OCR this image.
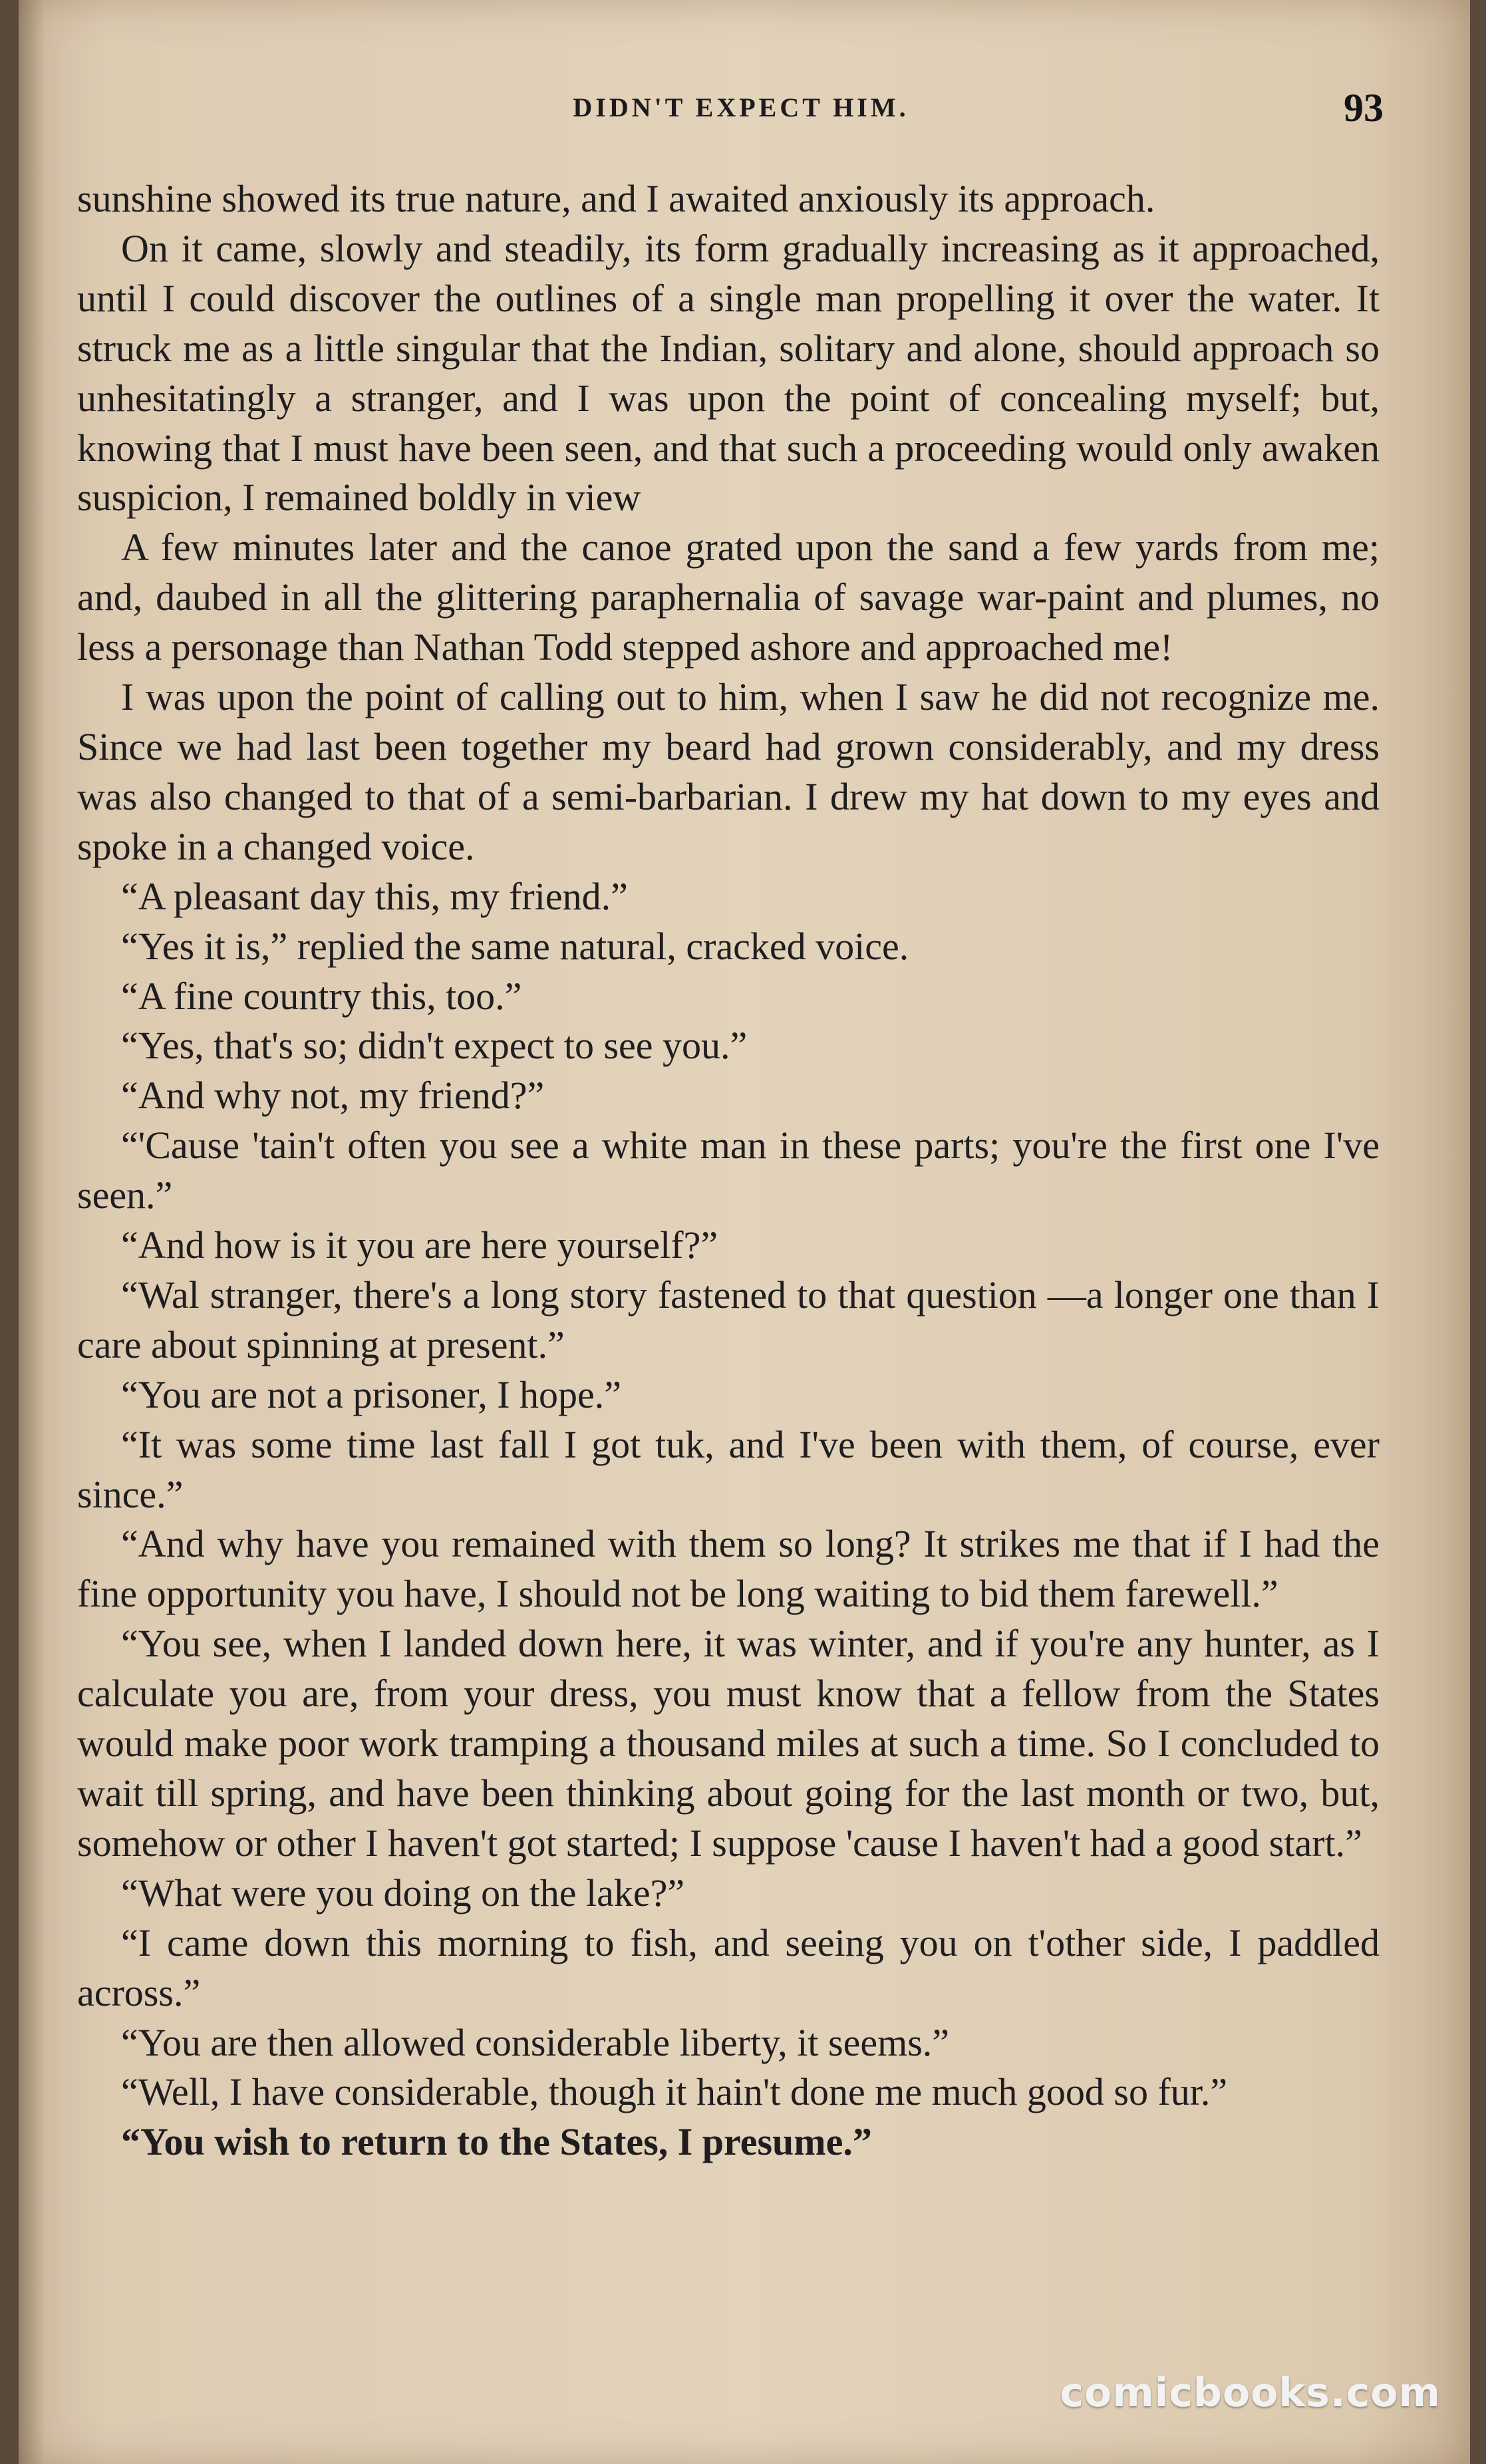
DIDN'T EXPECT HIM.	93

sunshine showed its true nature, and I awaited anxiously its approach.

On it came, slowly and steadily, its form gradually increasing as it approached, until I could discover the outlines of a single man propelling it over the water. It struck me as a little singular that the Indian, solitary and alone, should approach so unhesitatingly a stranger, and I was upon the point of concealing myself; but, knowing that I must have been seen, and that such a proceeding would only awaken suspicion, I remained boldly in view

A few minutes later and the canoe grated upon the sand a few yards from me; and, daubed in all the glittering paraphernalia of savage war-paint and plumes, no less a personage than Nathan Todd stepped ashore and approached me!

I was upon the point of calling out to him, when I saw he did not recognize me. Since we had last been together my beard had grown considerably, and my dress was also changed to that of a semi-barbarian. I drew my hat down to my eyes and spoke in a changed voice.

“A pleasant day this, my friend.”

“Yes it is,” replied the same natural, cracked voice.

“A fine country this, too.”

“Yes, that's so; didn't expect to see you.”

“And why not, my friend?”

“'Cause 'tain't often you see a white man in these parts; you're the first one I've seen.”

“And how is it you are here yourself?”

“Wal stranger, there's a long story fastened to that question —a longer one than I care about spinning at present.”

“You are not a prisoner, I hope.”

“It was some time last fall I got tuk, and I've been with them, of course, ever since.”

“And why have you remained with them so long? It strikes me that if I had the fine opportunity you have, I should not be long waiting to bid them farewell.”

“You see, when I landed down here, it was winter, and if you're any hunter, as I calculate you are, from your dress, you must know that a fellow from the States would make poor work tramping a thousand miles at such a time. So I concluded to wait till spring, and have been thinking about going for the last month or two, but, somehow or other I haven't got started; I suppose 'cause I haven't had a good start.”

“What were you doing on the lake?”

“I came down this morning to fish, and seeing you on t'other side, I paddled across.”

“You are then allowed considerable liberty, it seems.”

“Well, I have considerable, though it hain't done me much good so fur.”

“You wish to return to the States, I presume.”

comicbooks.com
